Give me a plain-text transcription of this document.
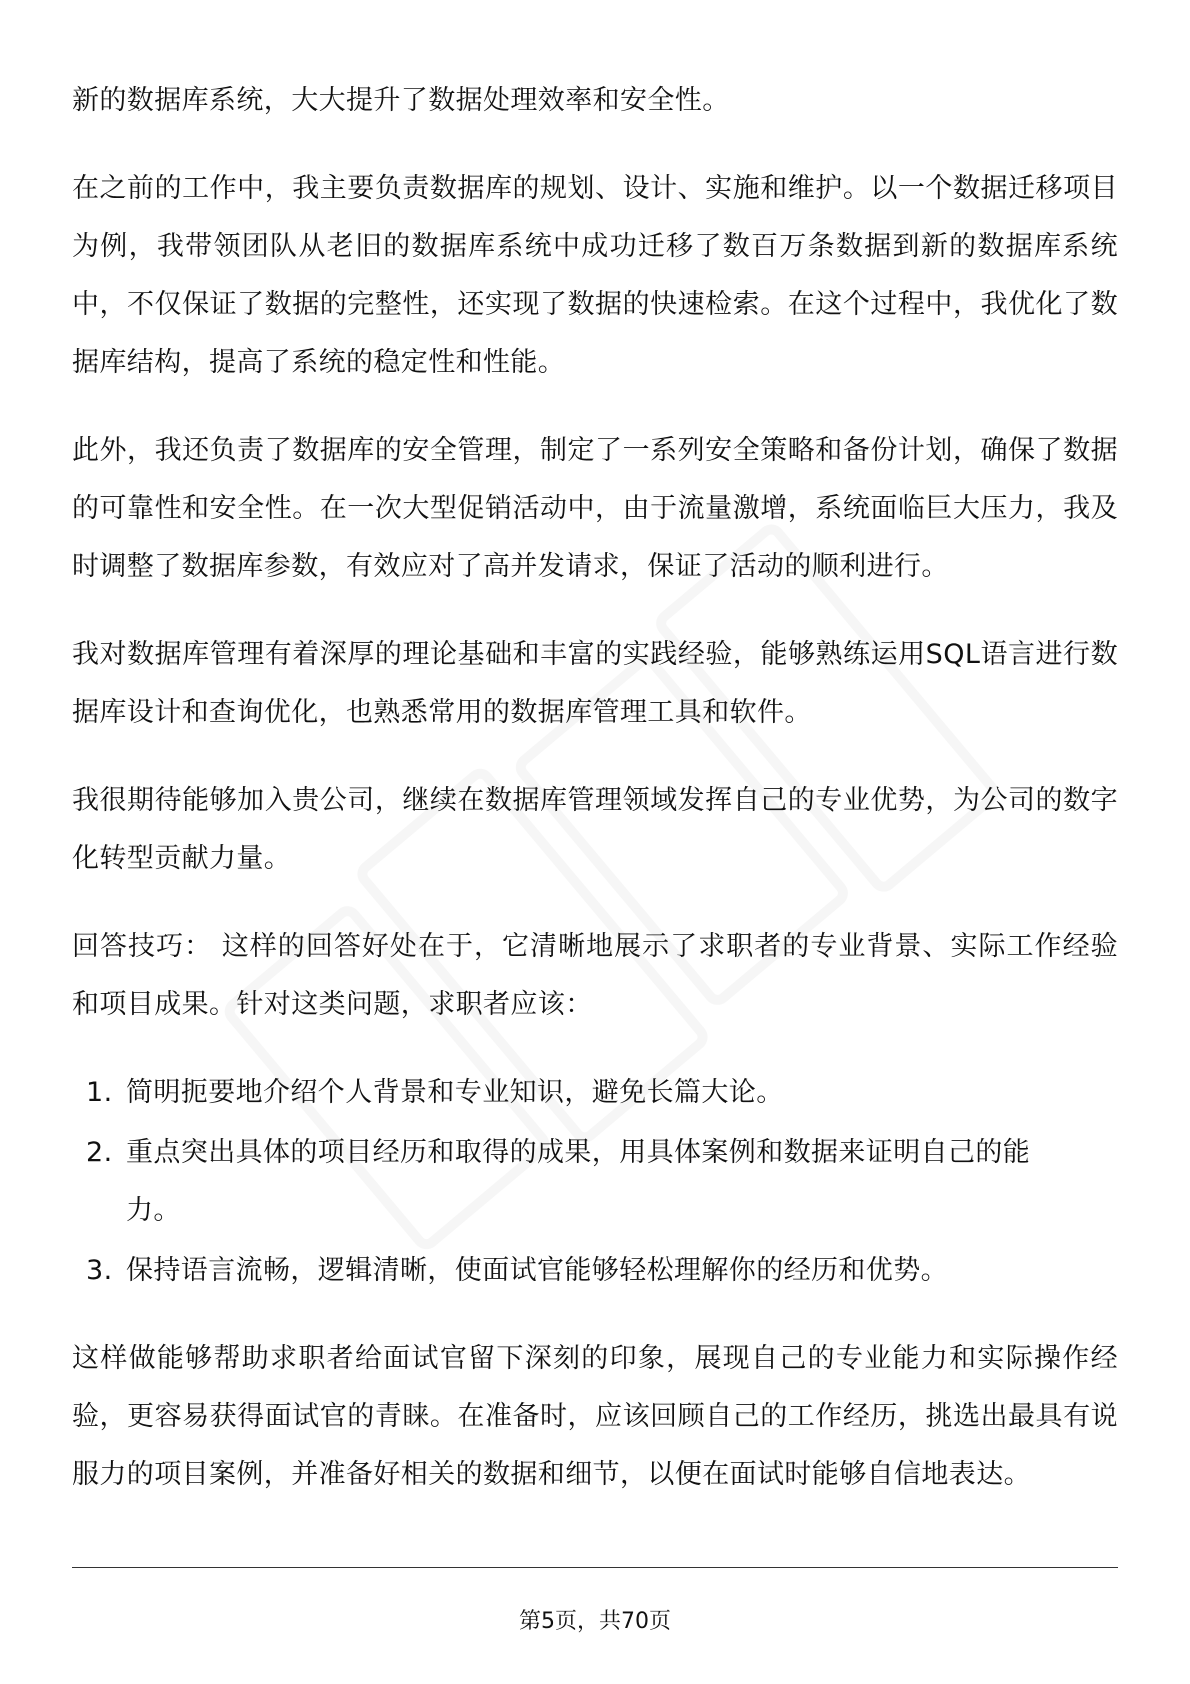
新的数据库系统，大大提升了数据处理效率和安全性。

在之前的工作中，我主要负责数据库的规划、设计、实施和维护。以一个数据迁移项目为例，我带领团队从老旧的数据库系统中成功迁移了数百万条数据到新的数据库系统中，不仅保证了数据的完整性，还实现了数据的快速检索。在这个过程中，我优化了数据库结构，提高了系统的稳定性和性能。

此外，我还负责了数据库的安全管理，制定了一系列安全策略和备份计划，确保了数据的可靠性和安全性。在一次大型促销活动中，由于流量激增，系统面临巨大压力，我及时调整了数据库参数，有效应对了高并发请求，保证了活动的顺利进行。

我对数据库管理有着深厚的理论基础和丰富的实践经验，能够熟练运用SQL语言进行数据库设计和查询优化，也熟悉常用的数据库管理工具和软件。

我很期待能够加入贵公司，继续在数据库管理领域发挥自己的专业优势，为公司的数字化转型贡献力量。

回答技巧： 这样的回答好处在于，它清晰地展示了求职者的专业背景、实际工作经验和项目成果。针对这类问题，求职者应该：

1. 简明扼要地介绍个人背景和专业知识，避免长篇大论。
2. 重点突出具体的项目经历和取得的成果，用具体案例和数据来证明自己的能力。
3. 保持语言流畅，逻辑清晰，使面试官能够轻松理解你的经历和优势。

这样做能够帮助求职者给面试官留下深刻的印象，展现自己的专业能力和实际操作经验，更容易获得面试官的青睐。在准备时，应该回顾自己的工作经历，挑选出最具有说服力的项目案例，并准备好相关的数据和细节，以便在面试时能够自信地表达。

第5页，共70页
